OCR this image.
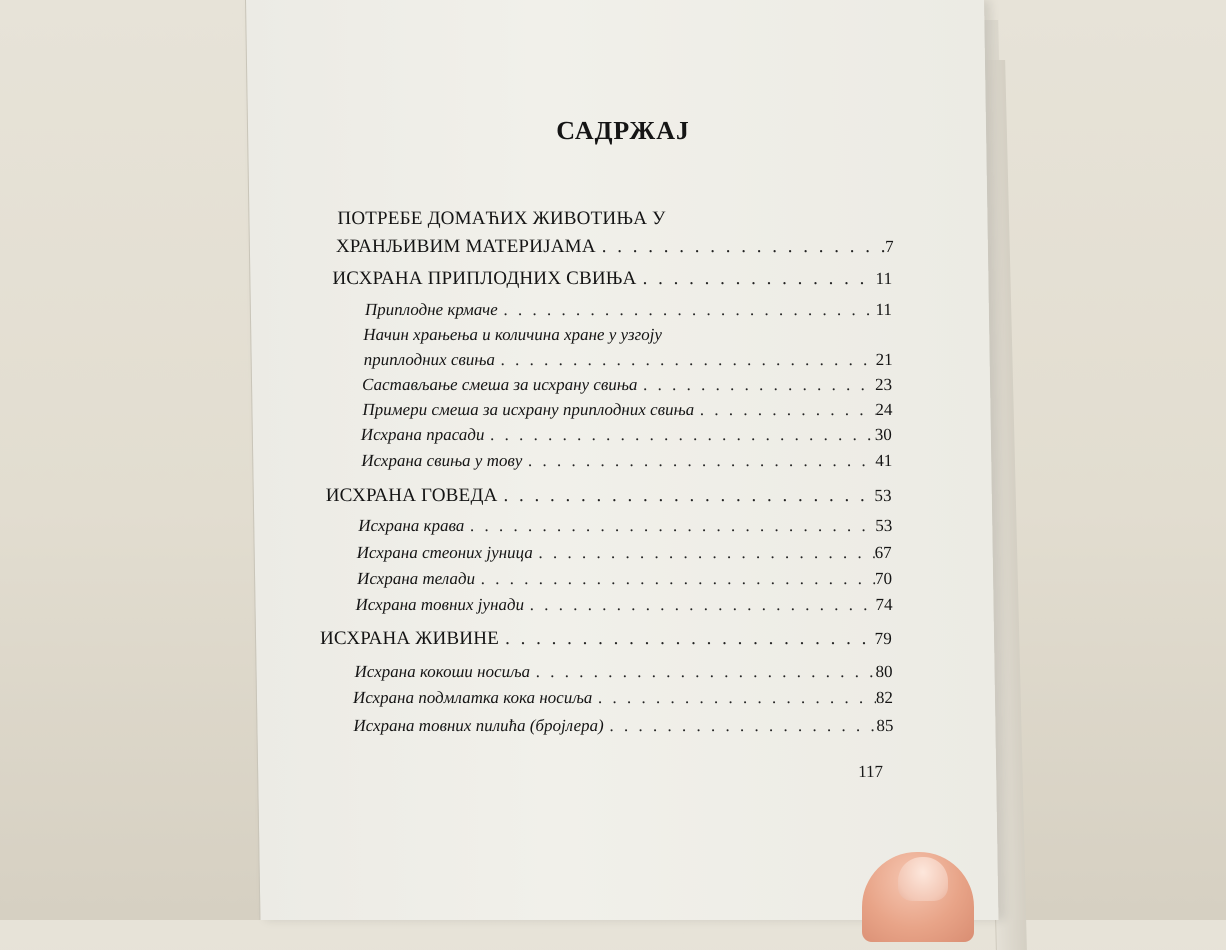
САДРЖАЈ
ПОТРЕБЕ ДОМАЋИХ ЖИВОТИЊА У
ХРАНЉИВИМ МАТЕРИЈАМА . . .	7
ИСХРАНА ПРИПЛОДНИХ СВИЊА . . .	11
Приплодне крмаче . . .	11
Начин храњења и количина хране у узгоју
приплодних свиња . . .	21
Састављање смеша за исхрану свиња . . .	23
Примери смеша за исхрану приплодних свиња . . .	24
Исхрана прасади . . .	30
Исхрана свиња у тову . . .	41
ИСХРАНА ГОВЕДА . . .	53
Исхрана крава . . .	53
Исхрана стеоних јуница . . .	67
Исхрана телади . . .	70
Исхрана товних јунади . . .	74
ИСХРАНА ЖИВИНЕ . . .	79
Исхрана кокоши носиља . . .	80
Исхрана подмлатка кока носиља . . .	82
Исхрана товних пилића (бројлера) . . .	85

117
